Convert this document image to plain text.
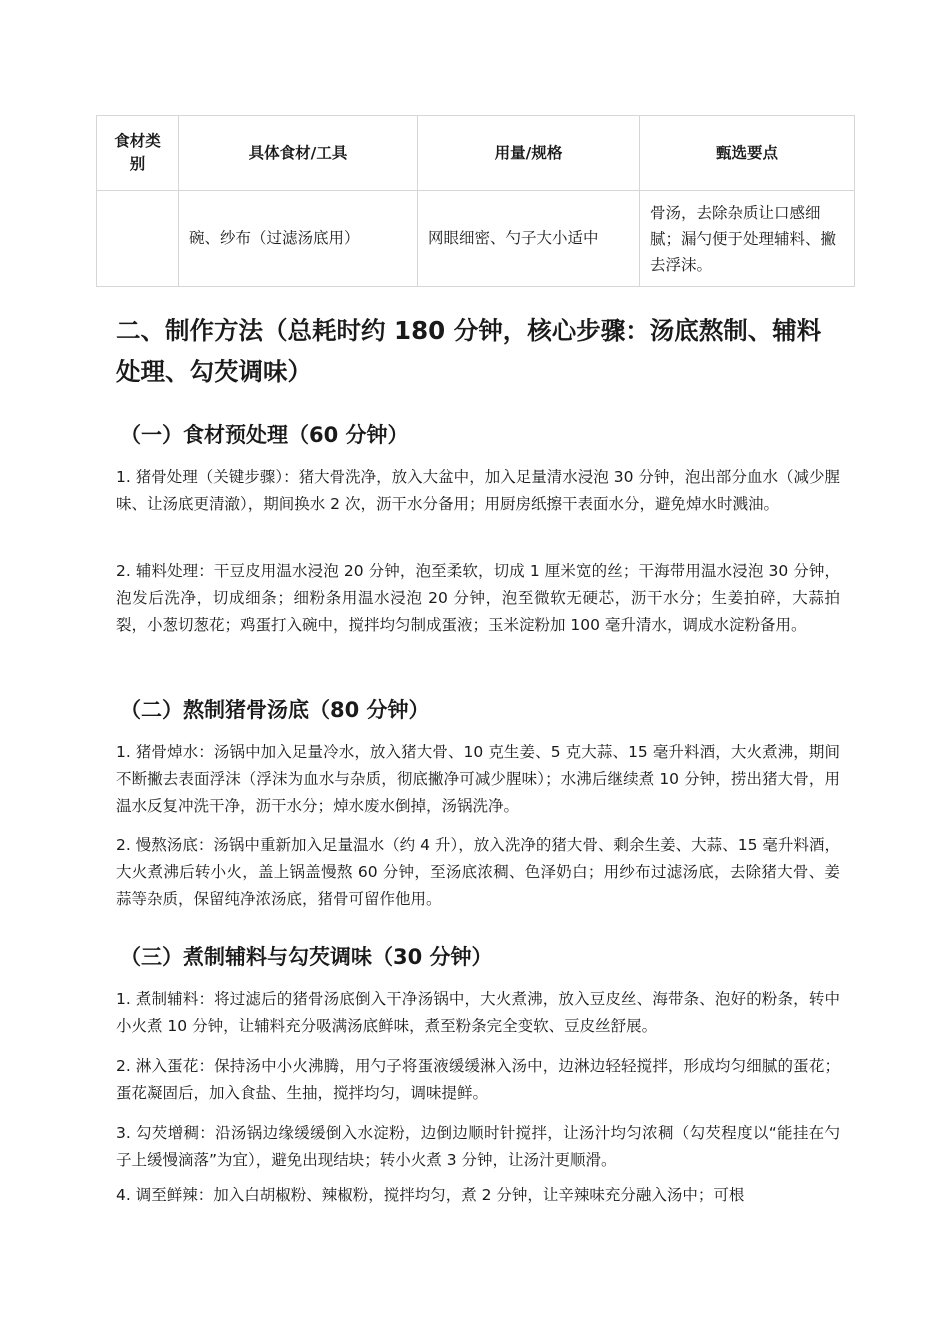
食材类别	具体食材/工具	用量/规格	甄选要点
	碗、纱布（过滤汤底用）	网眼细密、勺子大小适中	骨汤，去除杂质让口感细腻；漏勺便于处理辅料、撇去浮沫。
二、制作方法（总耗时约 180 分钟，核心步骤：汤底熬制、辅料处理、勾芡调味）
（一）食材预处理（60 分钟）

1. 猪骨处理（关键步骤）：猪大骨洗净，放入大盆中，加入足量清水浸泡 30 分钟，泡出部分血水（减少腥味、让汤底更清澈），期间换水 2 次，沥干水分备用；用厨房纸擦干表面水分，避免焯水时溅油。

2. 辅料处理：干豆皮用温水浸泡 20 分钟，泡至柔软，切成 1 厘米宽的丝；干海带用温水浸泡 30 分钟，泡发后洗净，切成细条；细粉条用温水浸泡 20 分钟，泡至微软无硬芯，沥干水分；生姜拍碎，大蒜拍裂，小葱切葱花；鸡蛋打入碗中，搅拌均匀制成蛋液；玉米淀粉加 100 毫升清水，调成水淀粉备用。

（二）熬制猪骨汤底（80 分钟）

1. 猪骨焯水：汤锅中加入足量冷水，放入猪大骨、10 克生姜、5 克大蒜、15 毫升料酒，大火煮沸，期间不断撇去表面浮沫（浮沫为血水与杂质，彻底撇净可减少腥味）；水沸后继续煮 10 分钟，捞出猪大骨，用温水反复冲洗干净，沥干水分；焯水废水倒掉，汤锅洗净。

2. 慢熬汤底：汤锅中重新加入足量温水（约 4 升），放入洗净的猪大骨、剩余生姜、大蒜、15 毫升料酒，大火煮沸后转小火，盖上锅盖慢熬 60 分钟，至汤底浓稠、色泽奶白；用纱布过滤汤底，去除猪大骨、姜蒜等杂质，保留纯净浓汤底，猪骨可留作他用。

（三）煮制辅料与勾芡调味（30 分钟）

1. 煮制辅料：将过滤后的猪骨汤底倒入干净汤锅中，大火煮沸，放入豆皮丝、海带条、泡好的粉条，转中小火煮 10 分钟，让辅料充分吸满汤底鲜味，煮至粉条完全变软、豆皮丝舒展。

2. 淋入蛋花：保持汤中小火沸腾，用勺子将蛋液缓缓淋入汤中，边淋边轻轻搅拌，形成均匀细腻的蛋花；蛋花凝固后，加入食盐、生抽，搅拌均匀，调味提鲜。

3. 勾芡增稠：沿汤锅边缘缓缓倒入水淀粉，边倒边顺时针搅拌，让汤汁均匀浓稠（勾芡程度以“能挂在勺子上缓慢滴落”为宜），避免出现结块；转小火煮 3 分钟，让汤汁更顺滑。

4. 调至鲜辣：加入白胡椒粉、辣椒粉，搅拌均匀，煮 2 分钟，让辛辣味充分融入汤中；可根
